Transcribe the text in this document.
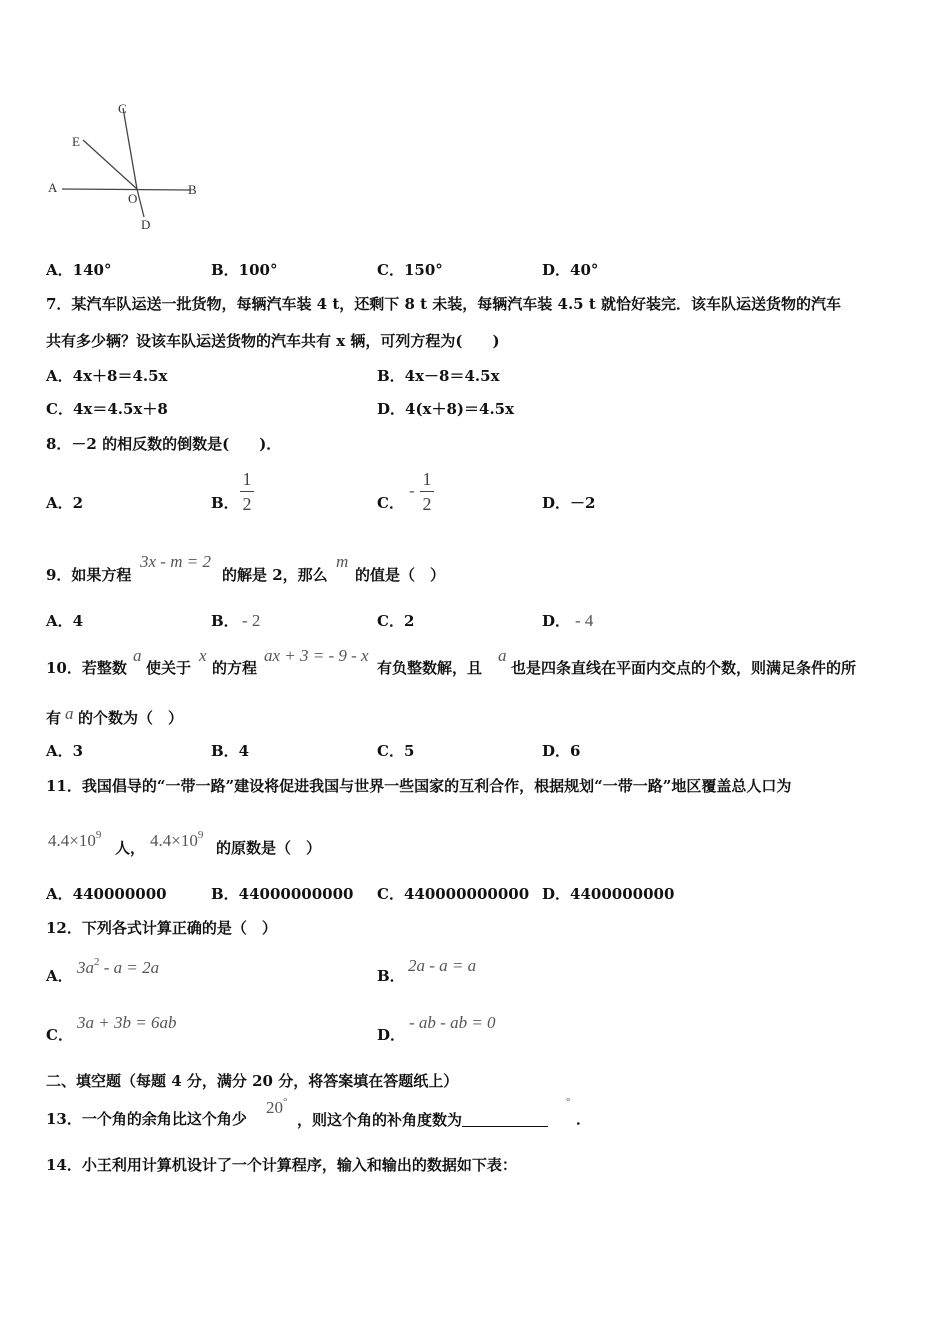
C
E
A
O
B
D
A．140°	B．100°	C．150°	D．40°
7．某汽车队运送一批货物，每辆汽车装 4 t，还剩下 8 t 未装，每辆汽车装 4.5 t 就恰好装完．该车队运送货物的汽车
共有多少辆？设该车队运送货物的汽车共有 x 辆，可列方程为(　　)
A．4x＋8＝4.5x	B．4x－8＝4.5x
C．4x＝4.5x＋8	D．4(x＋8)＝4.5x
8．－2 的相反数的倒数是(　　)．
A．2	B．
1
2	C．
-
1
2	D．－2
9．如果方程
3x - m = 2
的解是 2，那么
m
的值是（　）
A．4	B． - 2	C．2	D． - 4
10．若整数
a
使关于
x
的方程
ax + 3 = - 9 - x
有负整数解，且
a
也是四条直线在平面内交点的个数，则满足条件的所
有 a 的个数为（　）
A．3	B．4	C．5	D．6
11．我国倡导的“一带一路”建设将促进我国与世界一些国家的互利合作，根据规划“一带一路”地区覆盖总人口为
$4.4\times 10^9$
人， $4.4\times 10^9$
的原数是（　）
A．440000000	B．44000000000 C．440000000000 D．4400000000
12．下列各式计算正确的是（　）
A． $3a^2 - a = 2a$	B．
2a - a = a
C．
3a + 3b = 6ab
D．
- ab - ab = 0
二、填空题（每题 4 分，满分 20 分，将答案填在答题纸上）
13．一个角的余角比这个角少
20°
，则这个角的补角度数为
°
．
14．小王利用计算机设计了一个计算程序，输入和输出的数据如下表：
